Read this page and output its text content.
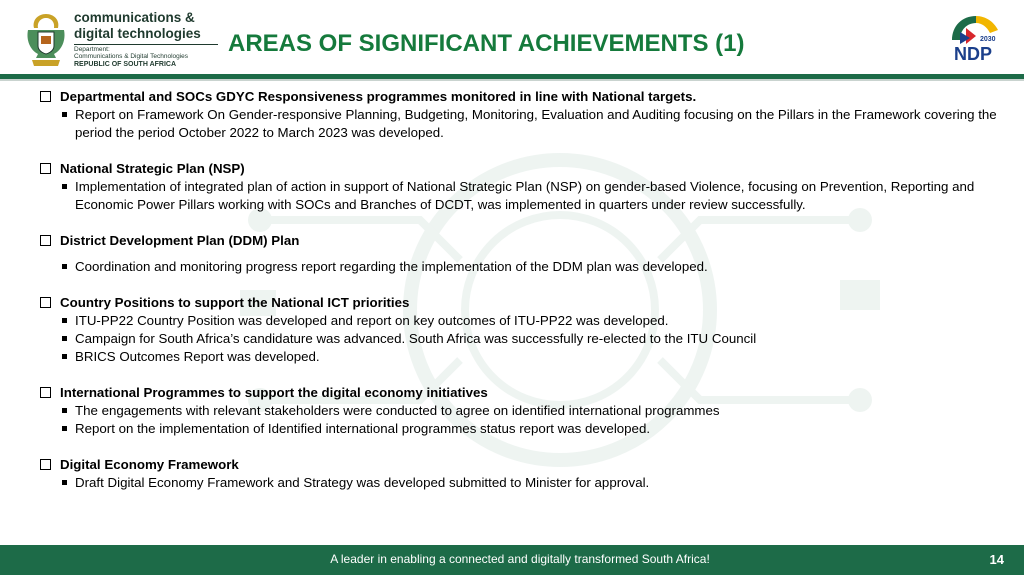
communications &
digital technologies
Department:
Communications & Digital Technologies
REPUBLIC OF SOUTH AFRICA
AREAS OF SIGNIFICANT ACHIEVEMENTS (1)	2030
NDP
Departmental and SOCs GDYC Responsiveness programmes monitored in line with National targets.
Report on Framework On Gender-responsive Planning, Budgeting, Monitoring, Evaluation and Auditing focusing on the Pillars in the Framework covering the period the period October 2022 to March 2023 was developed.
National Strategic Plan (NSP)
Implementation of integrated plan of action in support of National Strategic Plan (NSP) on gender-based Violence, focusing on Prevention, Reporting and Economic Power Pillars working with SOCs and Branches of DCDT, was implemented in quarters under review successfully.
District Development Plan (DDM) Plan
Coordination and monitoring progress report regarding the implementation of the DDM plan was developed.
Country Positions to support the National ICT priorities
ITU-PP22 Country Position was developed and report on key outcomes of ITU-PP22 was developed.
Campaign for South Africa’s candidature was advanced. South Africa was successfully re-elected to the ITU Council
BRICS Outcomes Report was developed.
International Programmes to support the digital economy initiatives
The engagements with relevant stakeholders were conducted to agree on identified international programmes
Report on the implementation of Identified international programmes status report was developed.
Digital Economy Framework
Draft Digital Economy Framework and Strategy was developed submitted to Minister for approval.
A leader in enabling a connected and digitally transformed South Africa!	14
